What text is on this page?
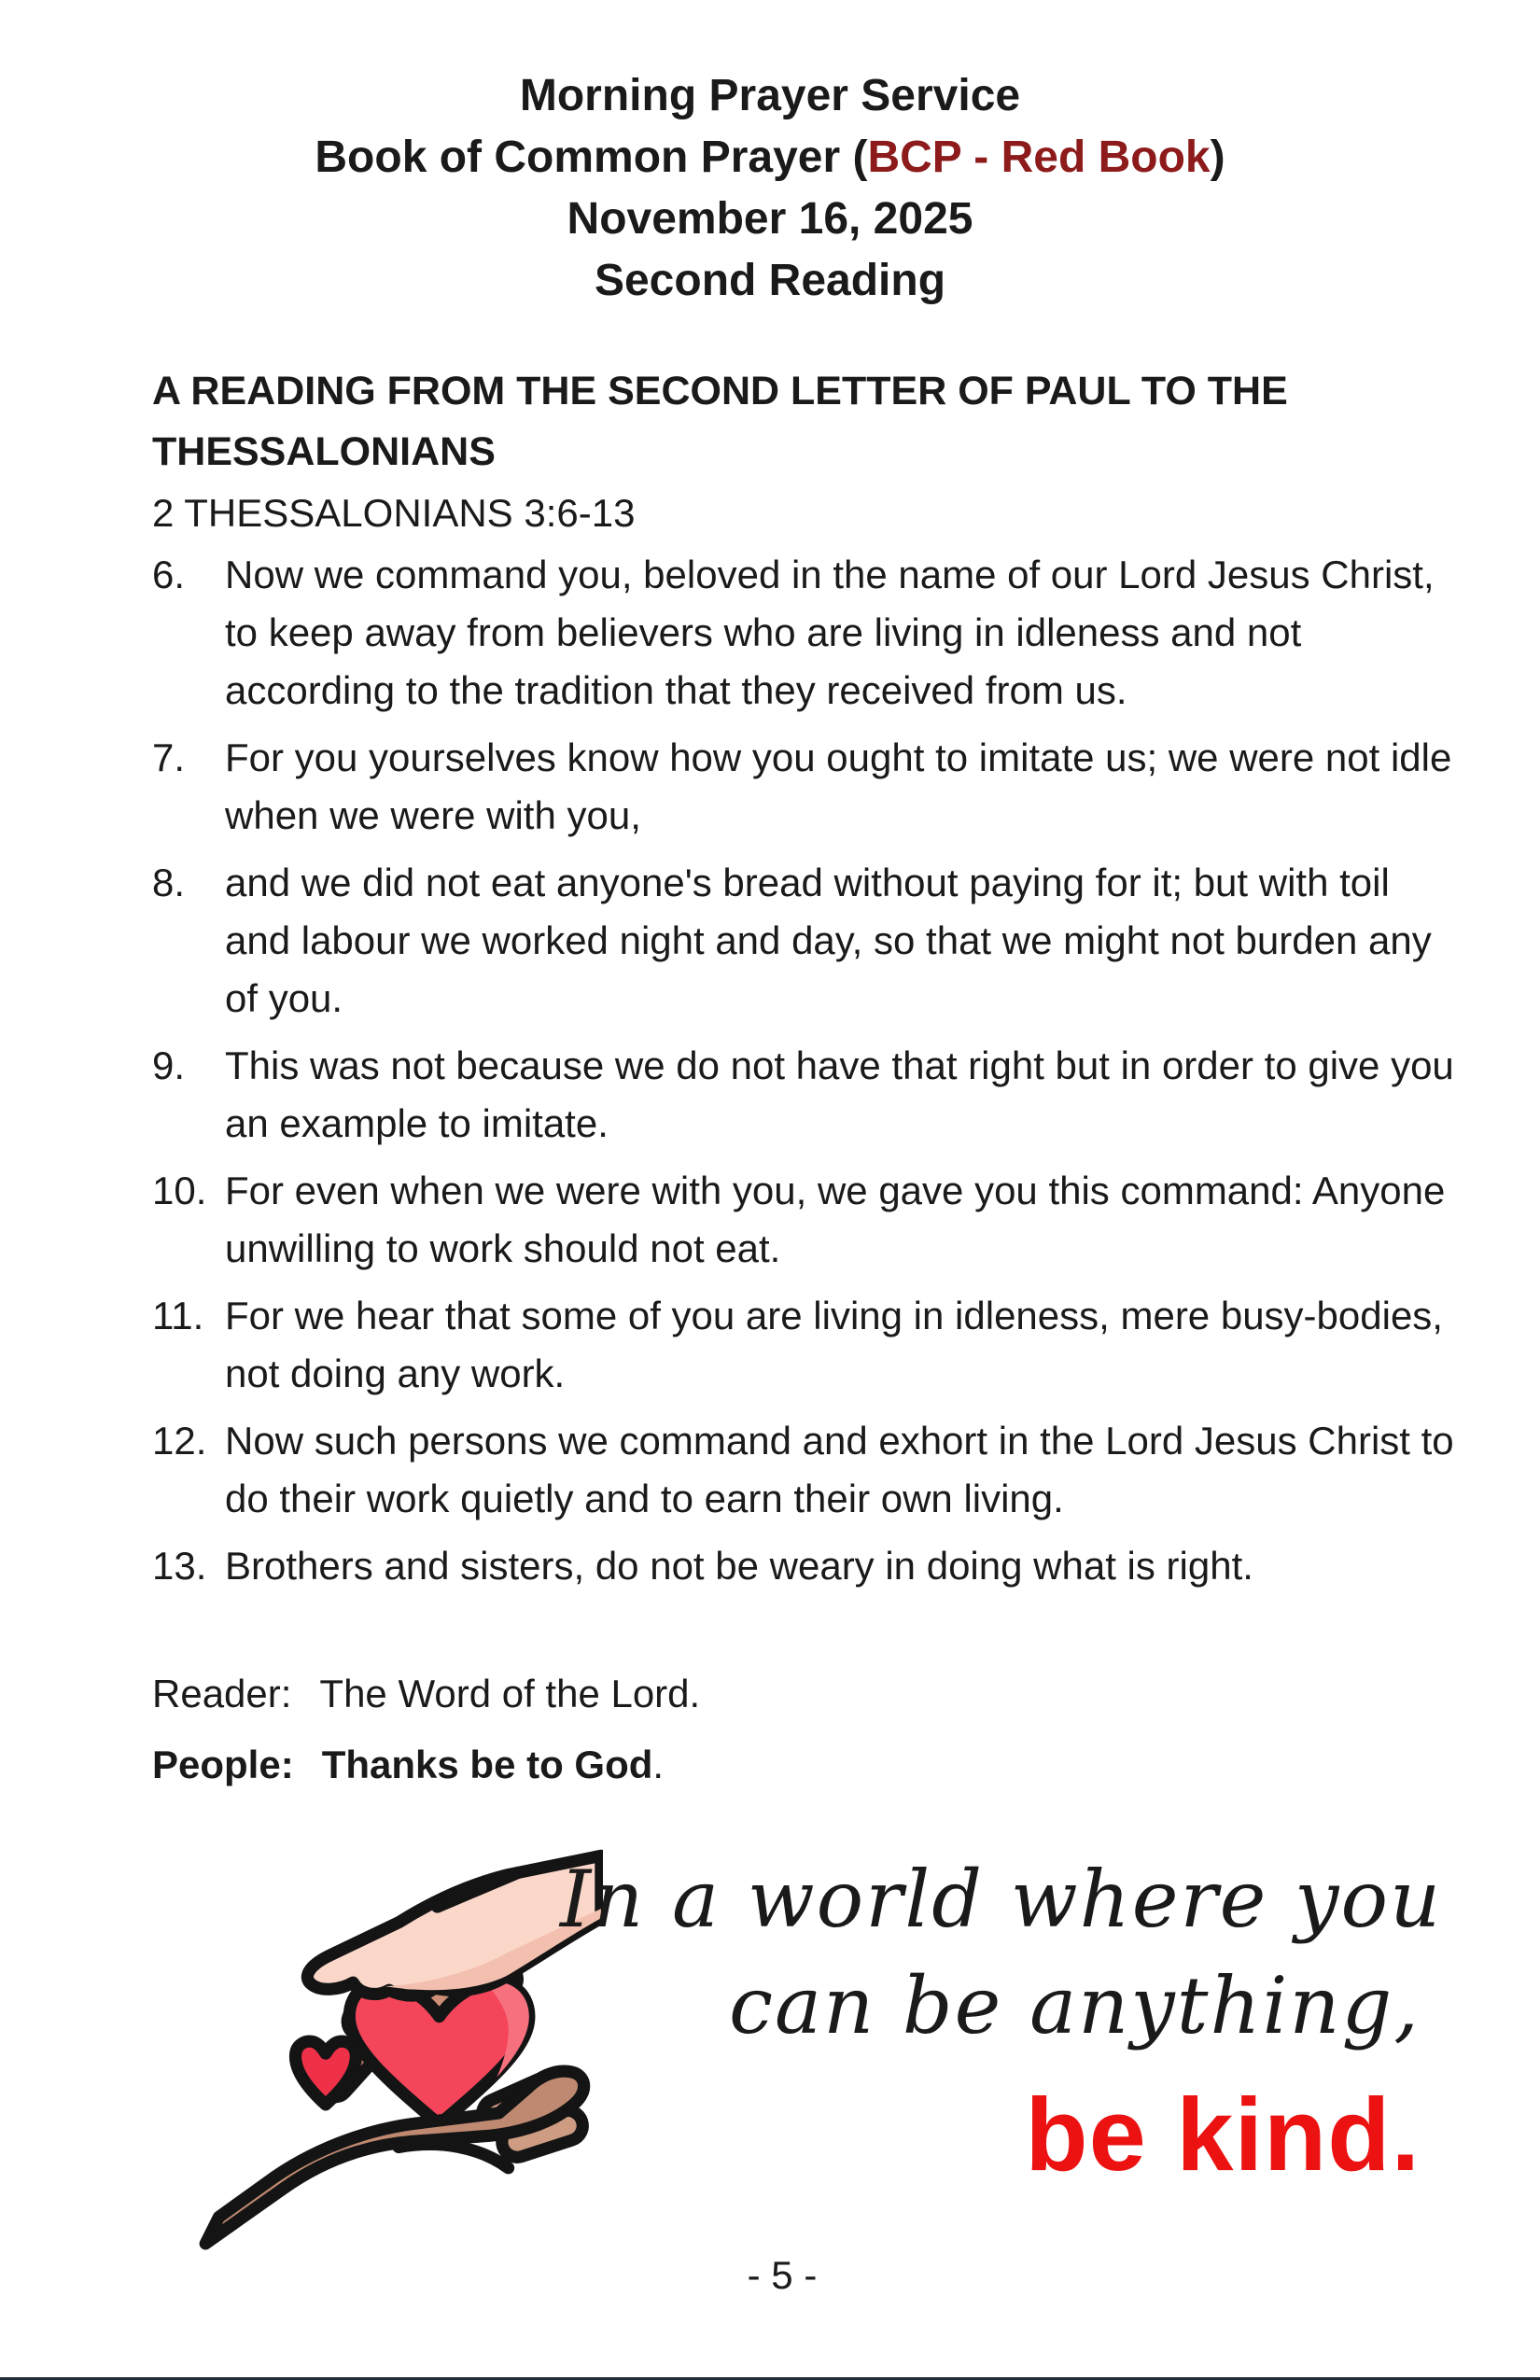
Morning Prayer Service
Book of Common Prayer (BCP - Red Book)
November 16, 2025
Second Reading
A READING FROM THE SECOND LETTER OF PAUL TO THE THESSALONIANS
2 THESSALONIANS 3:6-13
6.	Now we command you, beloved in the name of our Lord Jesus Christ, to keep away from believers who are living in idleness and not according to the tradition that they received from us.
7.	For you yourselves know how you ought to imitate us; we were not idle when we were with you,
8.	and we did not eat anyone's bread without paying for it; but with toil and labour we worked night and day, so that we might not burden any of you.
9.	This was not because we do not have that right but in order to give you an example to imitate.
10. For even when we were with you, we gave you this command: Anyone unwilling to work should not eat.
11. For we hear that some of you are living in idleness, mere busy-bodies, not doing any work.
12. Now such persons we command and exhort in the Lord Jesus Christ to do their work quietly and to earn their own living.
13. Brothers and sisters, do not be weary in doing what is right.
Reader: The Word of the Lord.
People: Thanks be to God.
In a world where you
can be anything,
be kind.
- 5 -
